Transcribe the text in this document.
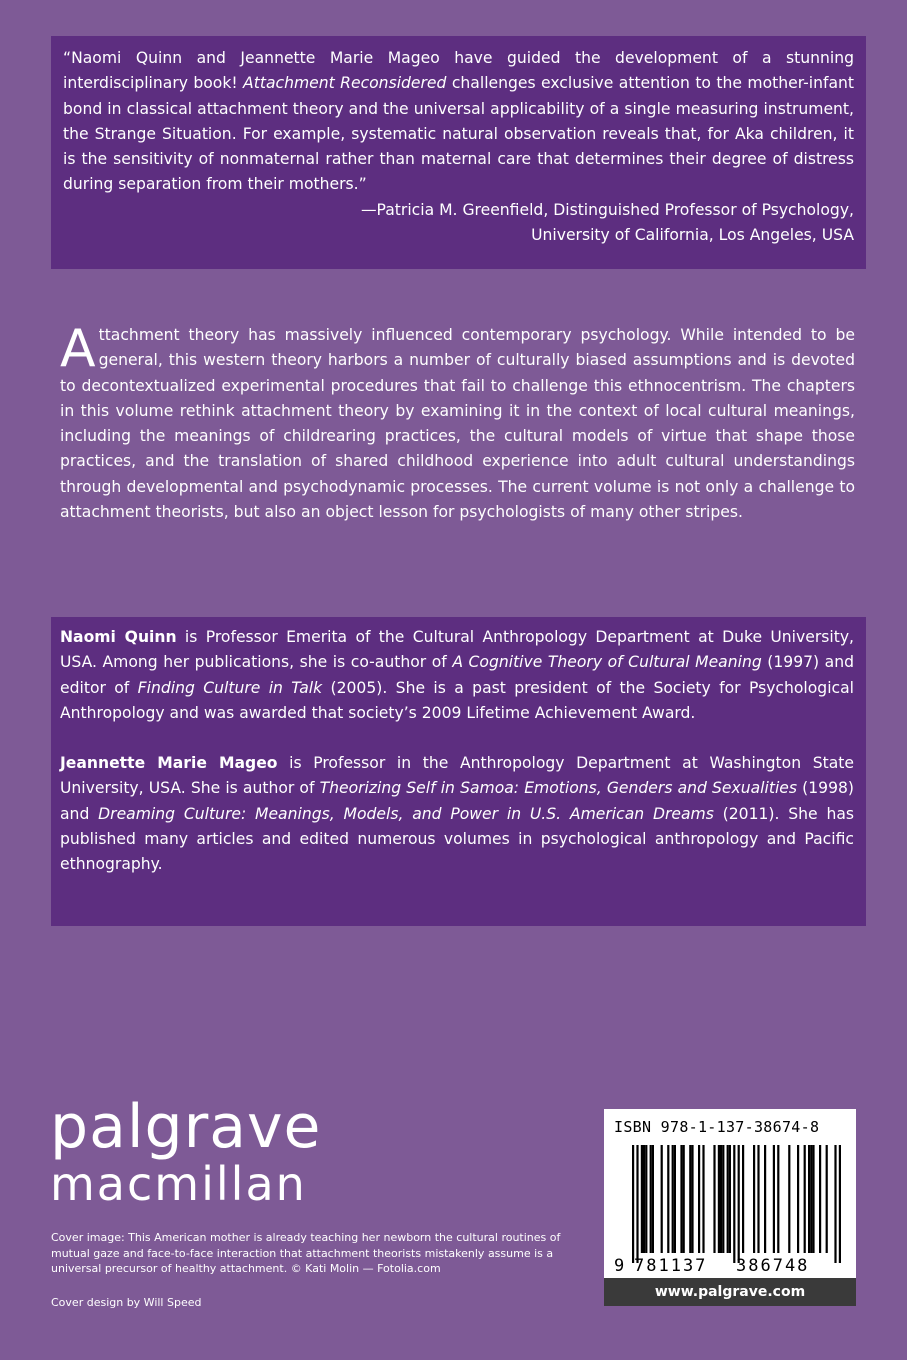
“Naomi Quinn and Jeannette Marie Mageo have guided the development of a stunning interdisciplinary book! Attachment Reconsidered challenges exclusive attention to the mother-infant bond in classical attachment theory and the universal applicability of a single measuring instrument, the Strange Situation. For example, systematic natural observation reveals that, for Aka children, it is the sensitivity of nonmaternal rather than maternal care that determines their degree of distress during separation from their mothers.”

—Patricia M. Greenfield, Distinguished Professor of Psychology,

University of California, Los Angeles, USA

Attachment theory has massively influenced contemporary psychology. While intended to be general, this western theory harbors a number of culturally biased assumptions and is devoted to decontextualized experimental procedures that fail to challenge this ethnocentrism. The chapters in this volume rethink attachment theory by examining it in the context of local cultural meanings, including the meanings of childrearing practices, the cultural models of virtue that shape those practices, and the translation of shared childhood experience into adult cultural understandings through developmental and psychodynamic processes. The current volume is not only a challenge to attachment theorists, but also an object lesson for psychologists of many other stripes.

Naomi Quinn is Professor Emerita of the Cultural Anthropology Department at Duke University, USA. Among her publications, she is co-author of A Cognitive Theory of Cultural Meaning (1997) and editor of Finding Culture in Talk (2005). She is a past president of the Society for Psychological Anthropology and was awarded that society’s 2009 Lifetime Achievement Award.

Jeannette Marie Mageo is Professor in the Anthropology Department at Washington State University, USA. She is author of Theorizing Self in Samoa: Emotions, Genders and Sexualities (1998) and Dreaming Culture: Meanings, Models, and Power in U.S. American Dreams (2011). She has published many articles and edited numerous volumes in psychological anthropology and Pacific ethnography.

palgrave

macmillan

Cover image: This American mother is already teaching her newborn the cultural routines of mutual gaze and face-to-face interaction that attachment theorists mistakenly assume is a universal precursor of healthy attachment. © Kati Molin — Fotolia.com

Cover design by Will Speed

ISBN 978-1-137-38674-8

9 781137 386748
www.palgrave.com
